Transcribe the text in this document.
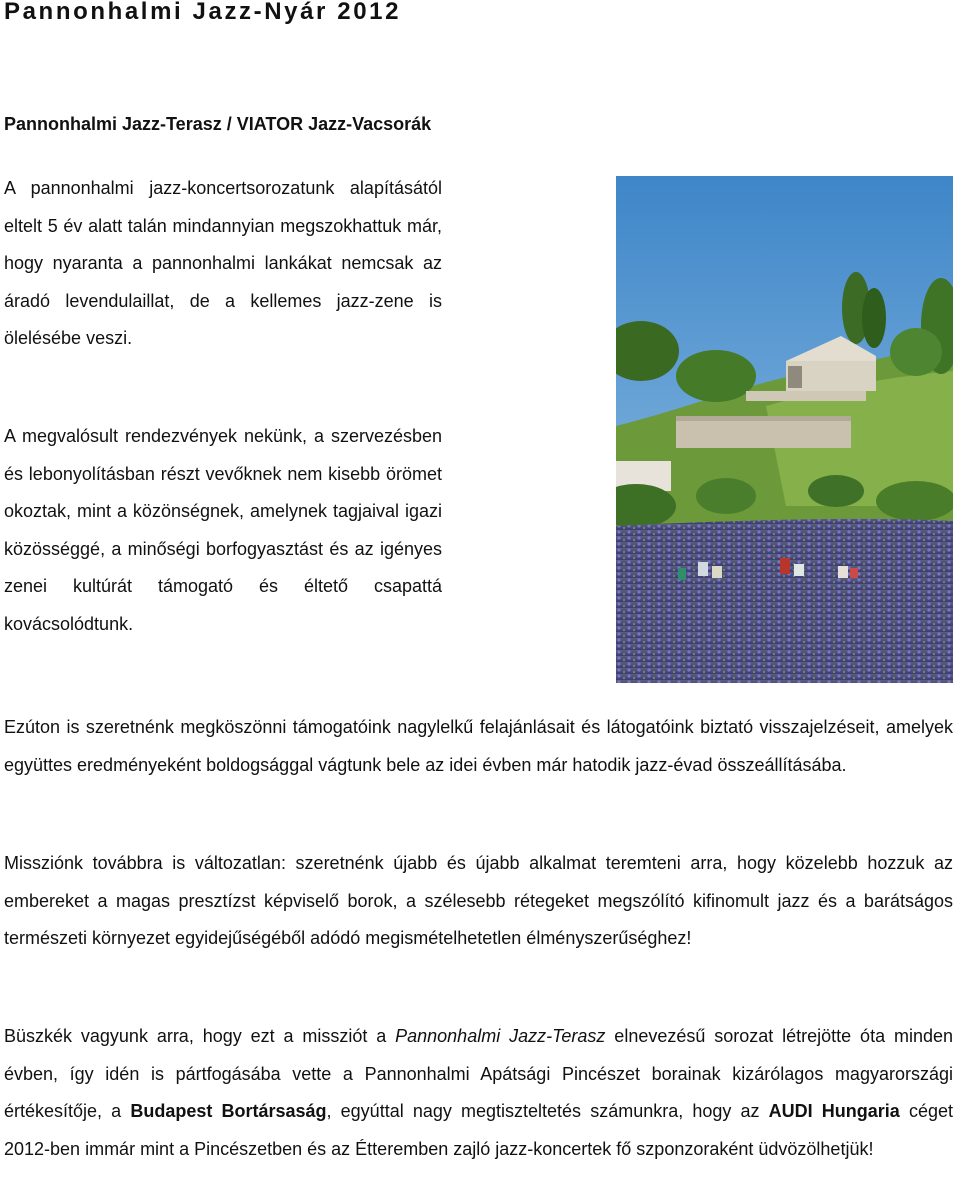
Pannonhalmi Jazz-Nyár 2012
Pannonhalmi Jazz-Terasz / VIATOR Jazz-Vacsorák

A pannonhalmi jazz-koncertsorozatunk alapításától eltelt 5 év alatt talán mindannyian megszokhattuk már, hogy nyaranta a pannonhalmi lankákat nemcsak az áradó levendulaillat, de a kellemes jazz-zene is ölelésébe veszi.

A megvalósult rendezvények nekünk, a szervezésben és lebonyolításban részt vevőknek nem kisebb örömet okoztak, mint a közönségnek, amelynek tagjaival igazi közösséggé, a minőségi borfogyasztást és az igényes zenei kultúrát támogató és éltető csapattá kovácsolódtunk.

Ezúton is szeretnénk megköszönni támogatóink nagylelkű felajánlásait és látogatóink biztató visszajelzéseit, amelyek együttes eredményeként boldogsággal vágtunk bele az idei évben már hatodik jazz-évad összeállításába.

Missziónk továbbra is változatlan: szeretnénk újabb és újabb alkalmat teremteni arra, hogy közelebb hozzuk az embereket a magas presztízst képviselő borok, a szélesebb rétegeket megszólító kifinomult jazz és a barátságos természeti környezet egyidejűségéből adódó megismételhetetlen élményszerűséghez!

Büszkék vagyunk arra, hogy ezt a missziót a Pannonhalmi Jazz-Terasz elnevezésű sorozat létrejötte óta minden évben, így idén is pártfogásába vette a Pannonhalmi Apátsági Pincészet borainak kizárólagos magyarországi értékesítője, a Budapest Bortársaság, egyúttal nagy megtiszteltetés számunkra, hogy az AUDI Hungaria céget 2012-ben immár mint a Pincészetben és az Étteremben zajló jazz-koncertek fő szponzoraként üdvözölhetjük!
